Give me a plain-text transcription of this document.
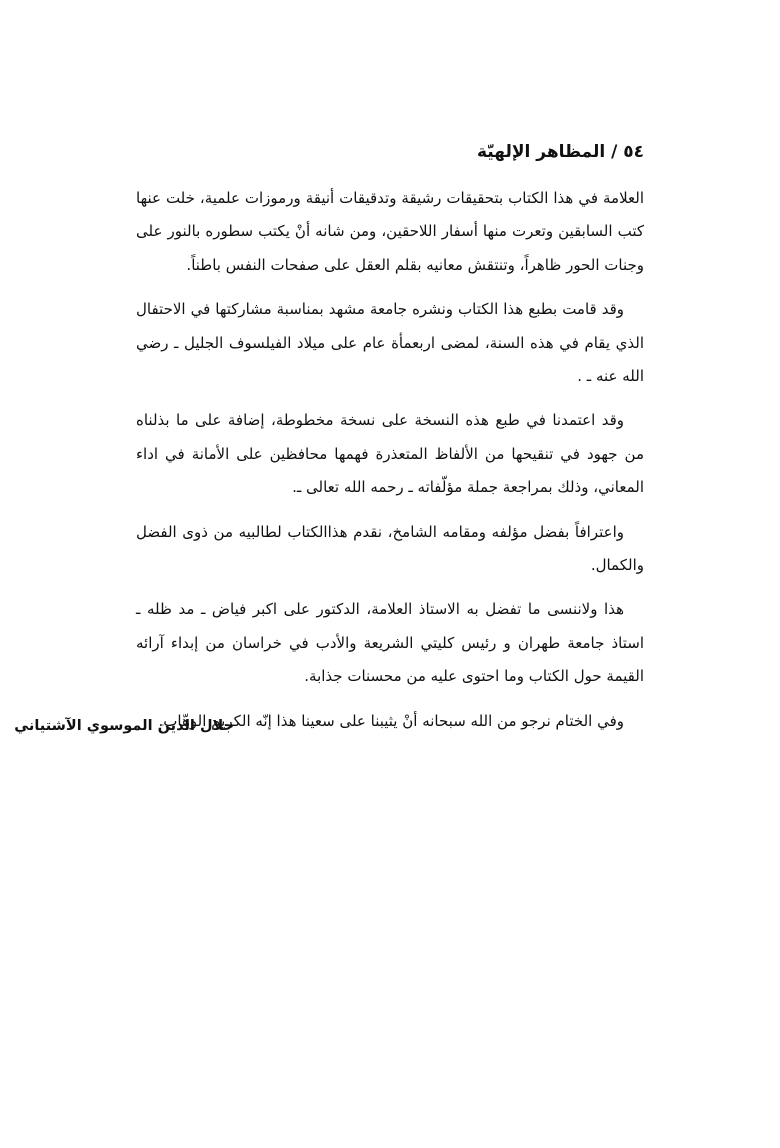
٥٤ / المظاهر الإلهيّة

العلامة في هذا الكتاب بتحقيقات رشيقة وتدقيقات أنيقة ورموزات علمية، خلت عنها كتب السابقين وتعرت منها أسفار اللاحقين، ومن شانه أنْ يكتب سطوره بالنور على وجنات الحور ظاهراً، وتنتقش معانيه بقلم العقل على صفحات النفس باطناً.

وقد قامت بطبع هذا الكتاب ونشره جامعة مشهد بمناسبة مشاركتها في الاحتفال الذي يقام في هذه السنة، لمضى اربعمأة عام على ميلاد الفيلسوف الجليل ـ رضي الله عنه ـ .

وقد اعتمدنا في طبع هذه النسخة على نسخة مخطوطة، إضافة على ما بذلناه من جهود في تنقيحها من الألفاظ المتعذرة فهمها محافظين على الأمانة في اداء المعاني، وذلك بمراجعة جملة مؤلّفاته ـ رحمه الله تعالى ـ.

واعترافاً بفضل مؤلفه ومقامه الشامخ، نقدم هذاالكتاب لطالبيه من ذوى الفضل والكمال.

هذا ولاننسى ما تفضل به الاستاذ العلامة، الدكتور على اكبر فياض ـ مد ظله ـ استاذ جامعة طهران و رئيس كليتي الشريعة والأدب في خراسان من إبداء آرائه القيمة حول الكتاب وما احتوى عليه من محسنات جذابة.

وفي الختام نرجو من الله سبحانه أنْ يثيبنا على سعينا هذا إنّه الكريم الوهّاب.

جلال الدين الموسوي الآشتياني
